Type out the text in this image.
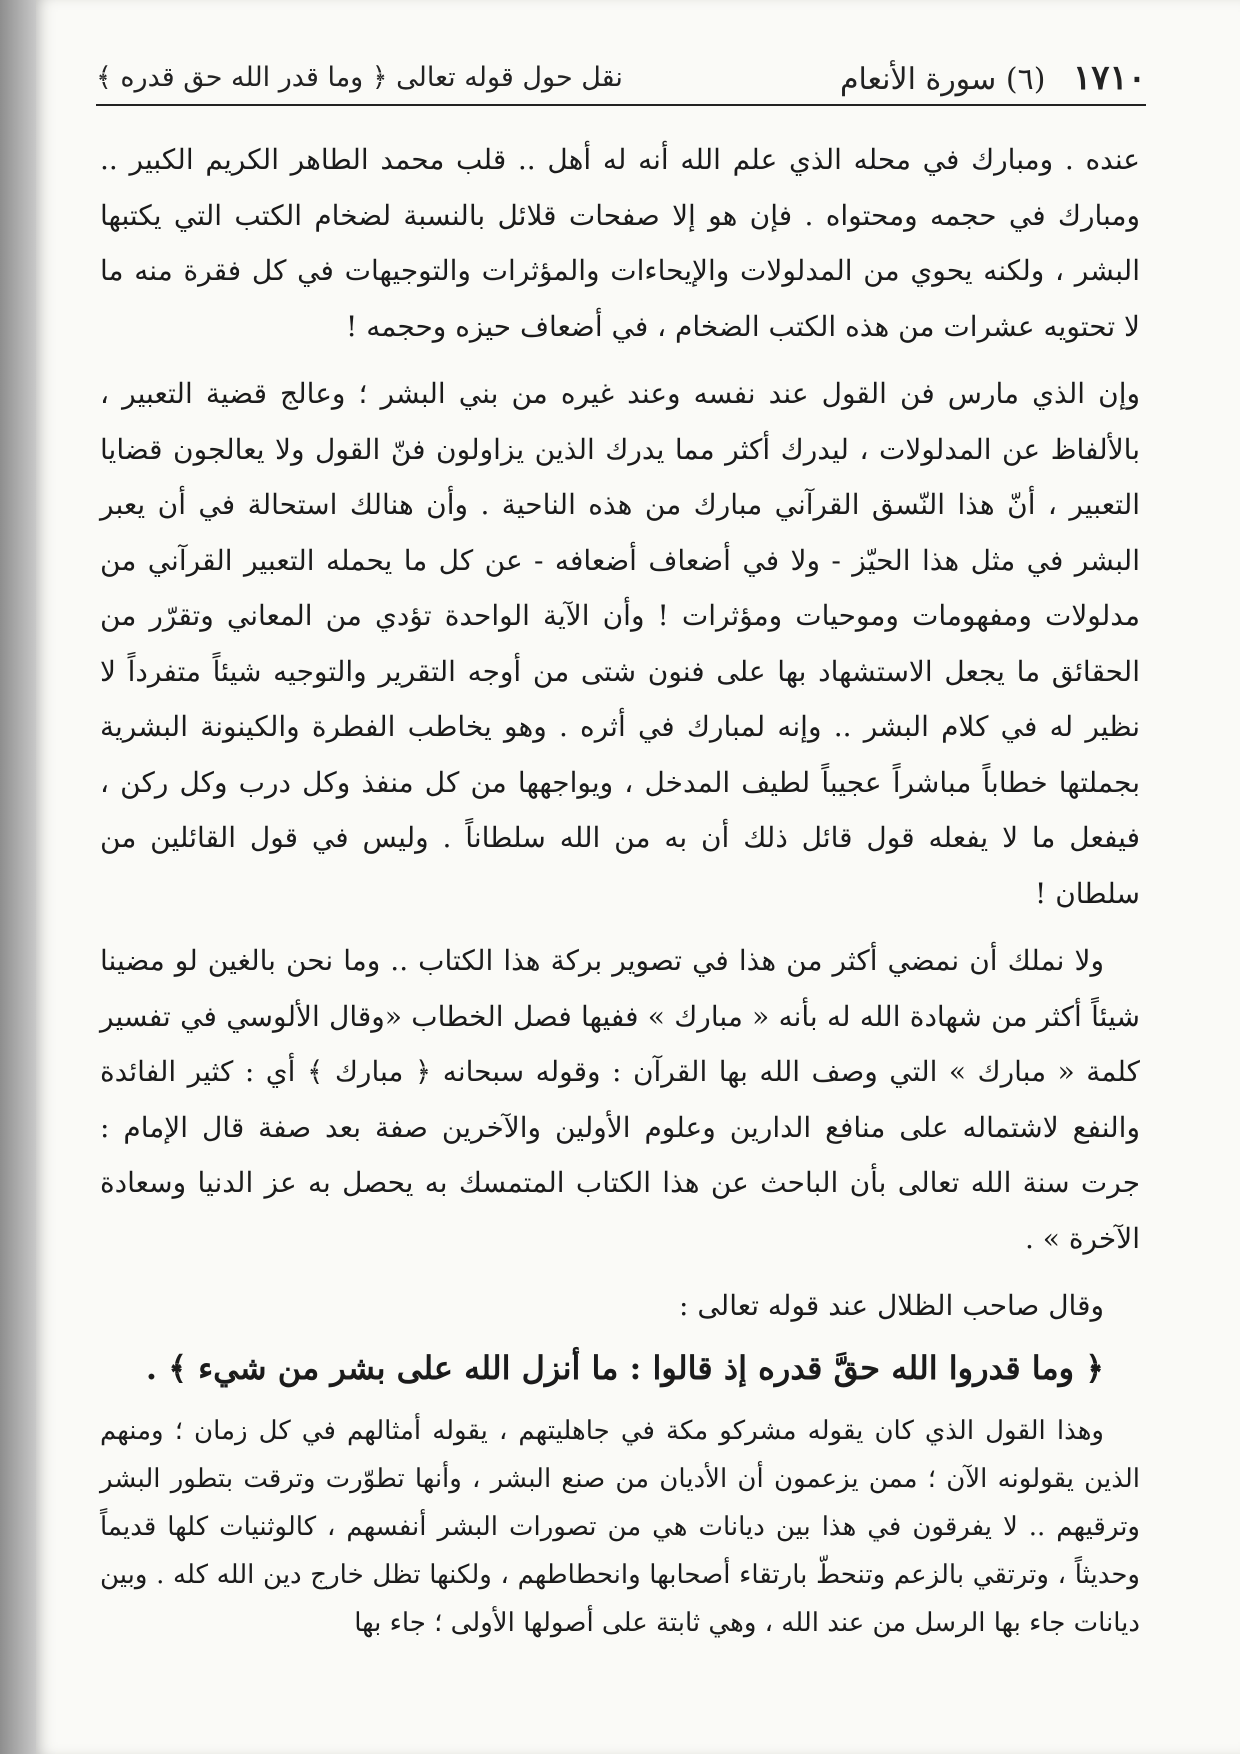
١٧١٠ (٦) سورة الأنعام
نقل حول قوله تعالى ﴿ وما قدر الله حق قدره ﴾

عنده . ومبارك في محله الذي علم الله أنه له أهل .. قلب محمد الطاهر الكريم الكبير .. ومبارك في حجمه ومحتواه . فإن هو إلا صفحات قلائل بالنسبة لضخام الكتب التي يكتبها البشر ، ولكنه يحوي من المدلولات والإيحاءات والمؤثرات والتوجيهات في كل فقرة منه ما لا تحتويه عشرات من هذه الكتب الضخام ، في أضعاف حيزه وحجمه !

وإن الذي مارس فن القول عند نفسه وعند غيره من بني البشر ؛ وعالج قضية التعبير ، بالألفاظ عن المدلولات ، ليدرك أكثر مما يدرك الذين يزاولون فنّ القول ولا يعالجون قضايا التعبير ، أنّ هذا النّسق القرآني مبارك من هذه الناحية . وأن هنالك استحالة في أن يعبر البشر في مثل هذا الحيّز - ولا في أضعاف أضعافه - عن كل ما يحمله التعبير القرآني من مدلولات ومفهومات وموحيات ومؤثرات ! وأن الآية الواحدة تؤدي من المعاني وتقرّر من الحقائق ما يجعل الاستشهاد بها على فنون شتى من أوجه التقرير والتوجيه شيئاً متفرداً لا نظير له في كلام البشر .. وإنه لمبارك في أثره . وهو يخاطب الفطرة والكينونة البشرية بجملتها خطاباً مباشراً عجيباً لطيف المدخل ، ويواجهها من كل منفذ وكل درب وكل ركن ، فيفعل ما لا يفعله قول قائل ذلك أن به من الله سلطاناً . وليس في قول القائلين من سلطان !

ولا نملك أن نمضي أكثر من هذا في تصوير بركة هذا الكتاب .. وما نحن بالغين لو مضينا شيئاً أكثر من شهادة الله له بأنه « مبارك » ففيها فصل الخطاب «وقال الألوسي في تفسير كلمة « مبارك » التي وصف الله بها القرآن : وقوله سبحانه ﴿ مبارك ﴾ أي : كثير الفائدة والنفع لاشتماله على منافع الدارين وعلوم الأولين والآخرين صفة بعد صفة قال الإمام : جرت سنة الله تعالى بأن الباحث عن هذا الكتاب المتمسك به يحصل به عز الدنيا وسعادة الآخرة » .

وقال صاحب الظلال عند قوله تعالى :

﴿ وما قدروا الله حقَّ قدره إذ قالوا : ما أنزل الله على بشر من شيء ﴾ .

وهذا القول الذي كان يقوله مشركو مكة في جاهليتهم ، يقوله أمثالهم في كل زمان ؛ ومنهم الذين يقولونه الآن ؛ ممن يزعمون أن الأديان من صنع البشر ، وأنها تطوّرت وترقت بتطور البشر وترقيهم .. لا يفرقون في هذا بين ديانات هي من تصورات البشر أنفسهم ، كالوثنيات كلها قديماً وحديثاً ، وترتقي بالزعم وتنحطّ بارتقاء أصحابها وانحطاطهم ، ولكنها تظل خارج دين الله كله . وبين ديانات جاء بها الرسل من عند الله ، وهي ثابتة على أصولها الأولى ؛ جاء بها
